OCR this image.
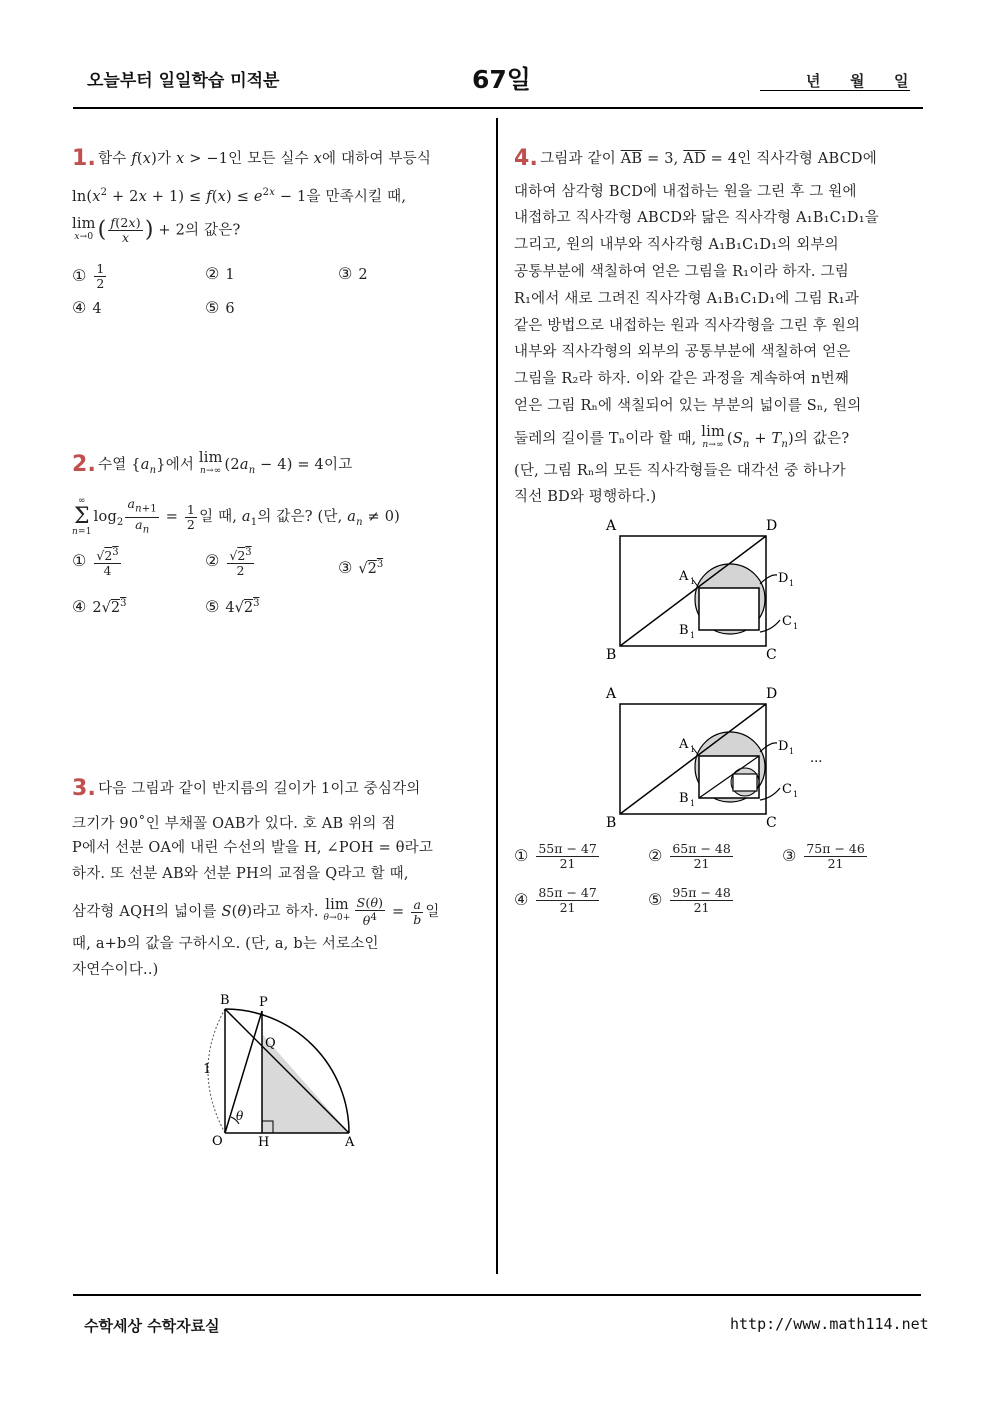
오늘부터 일일학습 미적분	67일	년 월 일
1. 함수 f(x)가 x > −1인 모든 실수 x에 대하여 부등식
$\ln(x^2 + 2x + 1) \le f(x) \le e^{2x} - 1$을 만족시킬 때,
lim
x→0 ( $\frac{f(2x)}{x}$ ) + 2의 값은?
① $\frac{1}{2}$	② 1	③ 2
④ 4	⑤ 6
2. 수열 $\{a_n\}$에서 lim
n→∞ $(2a_n - 4) = 4$이고
∞
Σ
n=1
$\log_2 \frac{a_{n+1}}{a_n} = \frac{1}{2}$ 일 때, $a_1$의 값은? (단, $a_n \ne 0$)
① $\frac{√2^3}{4}$	② $\frac{√2^3}{2}$	③ $√2^3$
④ $2√2^3$	⑤ $4√2^3$
3. 다음 그림과 같이 반지름의 길이가 1이고 중심각의
크기가 90˚인 부채꼴 OAB가 있다. 호 AB 위의 점
P에서 선분 OA에 내린 수선의 발을 H, ∠POH = θ라고
하자. 또 선분 AB와 선분 PH의 교점을 Q라고 할 때,
삼각형 AQH의 넓이를 S(θ)라고 하자. lim
$\theta\to 0+ \frac{S(\theta)}{\theta^4} = \frac{a}{b}$ 일
때, a+b의 값을 구하시오. (단, a, b는 서로소인
자연수이다..)
B P
Q
1
θ
O	H	A
4. 그림과 같이 $\overline{AB} = 3$, $\overline{AD} = 4$인 직사각형 ABCD에
대하여 삼각형 BCD에 내접하는 원을 그린 후 그 원에
내접하고 직사각형 ABCD와 닮은 직사각형 A₁B₁C₁D₁을
그리고, 원의 내부와 직사각형 A₁B₁C₁D₁의 외부의
공통부분에 색칠하여 얻은 그림을 R₁이라 하자. 그림
R₁에서 새로 그려진 직사각형 A₁B₁C₁D₁에 그림 R₁과
같은 방법으로 내접하는 원과 직사각형을 그린 후 원의
내부와 직사각형의 외부의 공통부분에 색칠하여 얻은
그림을 R₂라 하자. 이와 같은 과정을 계속하여 n번째
얻은 그림 Rₙ에 색칠되어 있는 부분의 넓이를 Sₙ, 원의
둘레의 길이를 Tₙ이라 할 때, lim
n→∞ $(S_n + T_n)$의 값은?
(단, 그림 Rₙ의 모든 직사각형들은 대각선 중 하나가
직선 BD와 평행하다.)
A	D
B	C
A 1	D 1
C 1
B 1
A	D
B	C
A 1	D 1
C 1
B 1
...
① $\frac{55\pi - 47}{21}$	② $\frac{65\pi - 48}{21}$	③ $\frac{75\pi - 46}{21}$
④ $\frac{85\pi - 47}{21}$	⑤ $\frac{95\pi - 48}{21}$
수학세상 수학자료실	http://www.math114.net
